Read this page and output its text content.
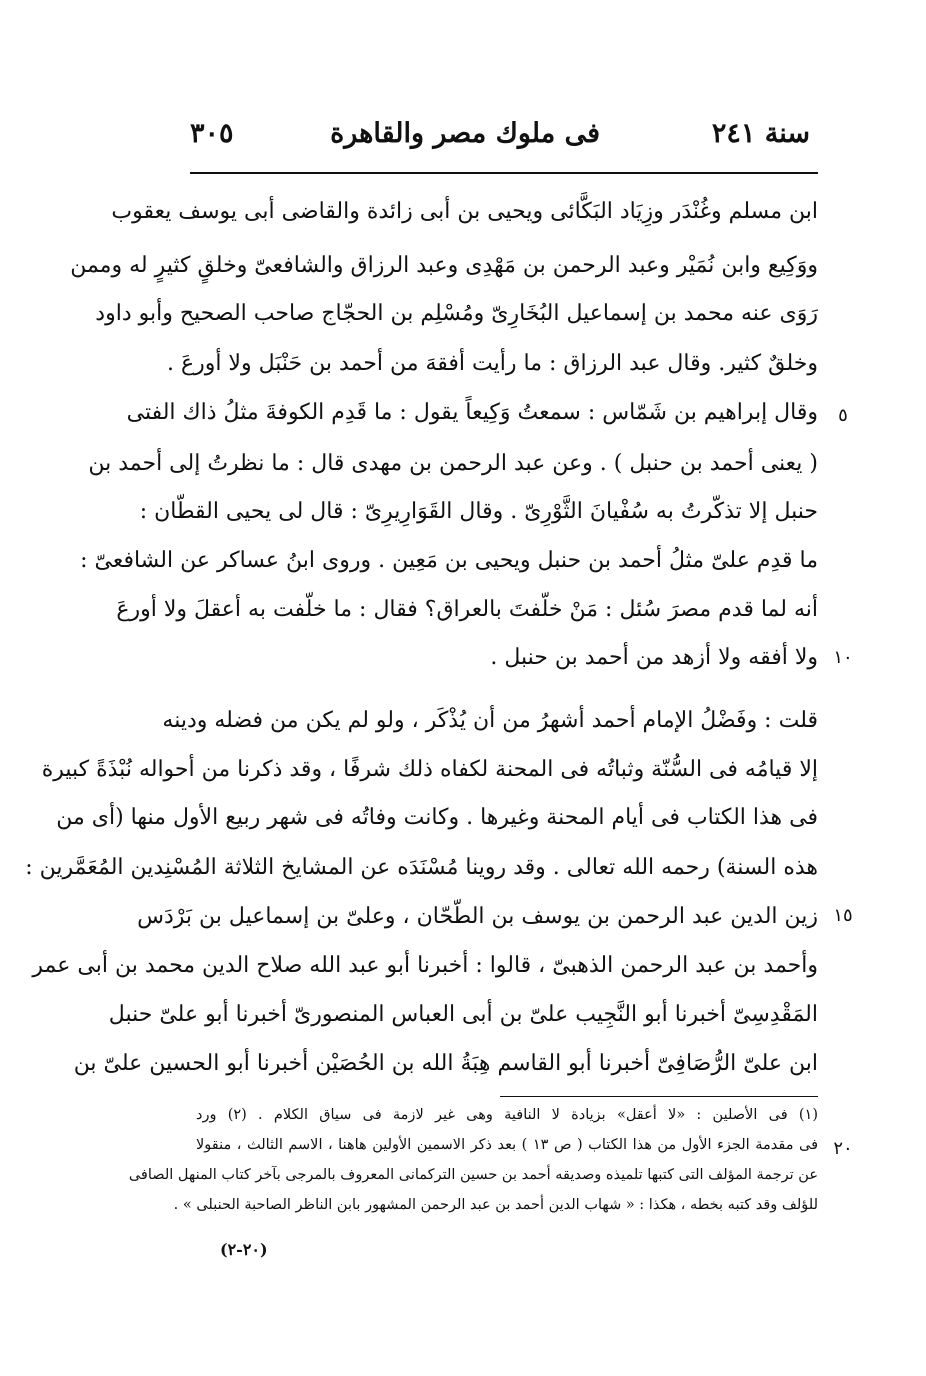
سنة ٢٤١
فى ملوك مصر والقاهرة
٣٠٥
ابن مسلم وغُنْدَر وزِيَاد البَكَّائى ويحيى بن أبى زائدة والقاضى أبى يوسف يعقوب
ووَكِيع وابن نُمَيْر وعبد الرحمن بن مَهْدِى وعبد الرزاق والشافعىّ وخلقٍ كثيرٍ له وممن
رَوَى عنه محمد بن إسماعيل البُخَارِىّ ومُسْلِم بن الحجّاج صاحب الصحيح وأبو داود
وخلقٌ كثير. وقال عبد الرزاق : ما رأيت أفقهَ من أحمد بن حَنْبَل ولا أورعَ .
وقال إبراهيم بن شَمّاس : سمعتُ وَكِيعاً يقول : ما قَدِم الكوفةَ مثلُ ذاك الفتى
( يعنى أحمد بن حنبل ) . وعن عبد الرحمن بن مهدى قال : ما نظرتُ إلى أحمد بن
حنبل إلا تذكّرتُ به سُفْيانَ الثَّوْرِىّ . وقال القَوَارِيرِىّ : قال لى يحيى القطّان :
ما قدِم علىّ مثلُ أحمد بن حنبل ويحيى بن مَعِين . وروى ابنُ عساكر عن الشافعىّ :
أنه لما قدم مصرَ سُئل : مَنْ خلّفتَ بالعراق؟ فقال : ما خلّفت به أعقلَ ولا أورعَ
ولا أفقه ولا أزهد من أحمد بن حنبل .
قلت : وفَضْلُ الإمام أحمد أشهرُ من أن يُذْكَر ، ولو لم يكن من فضله ودينه
إلا قيامُه فى السُّنّة وثباتُه فى المحنة لكفاه ذلك شرفًا ، وقد ذكرنا من أحواله نُبْذَةً كبيرة
فى هذا الكتاب فى أيام المحنة وغيرها . وكانت وفاتُه فى شهر ربيع الأول منها (أى من
هذه السنة) رحمه الله تعالى . وقد روينا مُسْنَدَه عن المشايخ الثلاثة المُسْنِدين المُعَمَّرين :
زين الدين عبد الرحمن بن يوسف بن الطّحّان ، وعلىّ بن إسماعيل بن بَرْدَس
وأحمد بن عبد الرحمن الذهبىّ ، قالوا : أخبرنا أبو عبد الله صلاح الدين محمد بن أبى عمر
المَقْدِسِىّ أخبرنا أبو النَّجِيب علىّ بن أبى العباس المنصورىّ أخبرنا أبو علىّ حنبل
ابن علىّ الرُّصَافِىّ أخبرنا أبو القاسم هِبَةُ الله بن الحُصَيْن أخبرنا أبو الحسين علىّ بن
٥
١٠
١٥
٢٠
(١) فى الأصلين : «لا أعقل» بزيادة لا النافية وهى غير لازمة فى سياق الكلام . (٢) ورد
فى مقدمة الجزء الأول من هذا الكتاب ( ص ١٣ ) بعد ذكر الاسمين الأولين هاهنا ، الاسم الثالث ، منقولا
عن ترجمة المؤلف التى كتبها تلميذه وصديقه أحمد بن حسين التركمانى المعروف بالمرجى بآخر كتاب المنهل الصافى
للؤلف وقد كتبه بخطه ، هكذا : « شهاب الدين أحمد بن عبد الرحمن المشهور بابن الناظر الصاحبة الحنبلى » .
(٢٠-٢)
